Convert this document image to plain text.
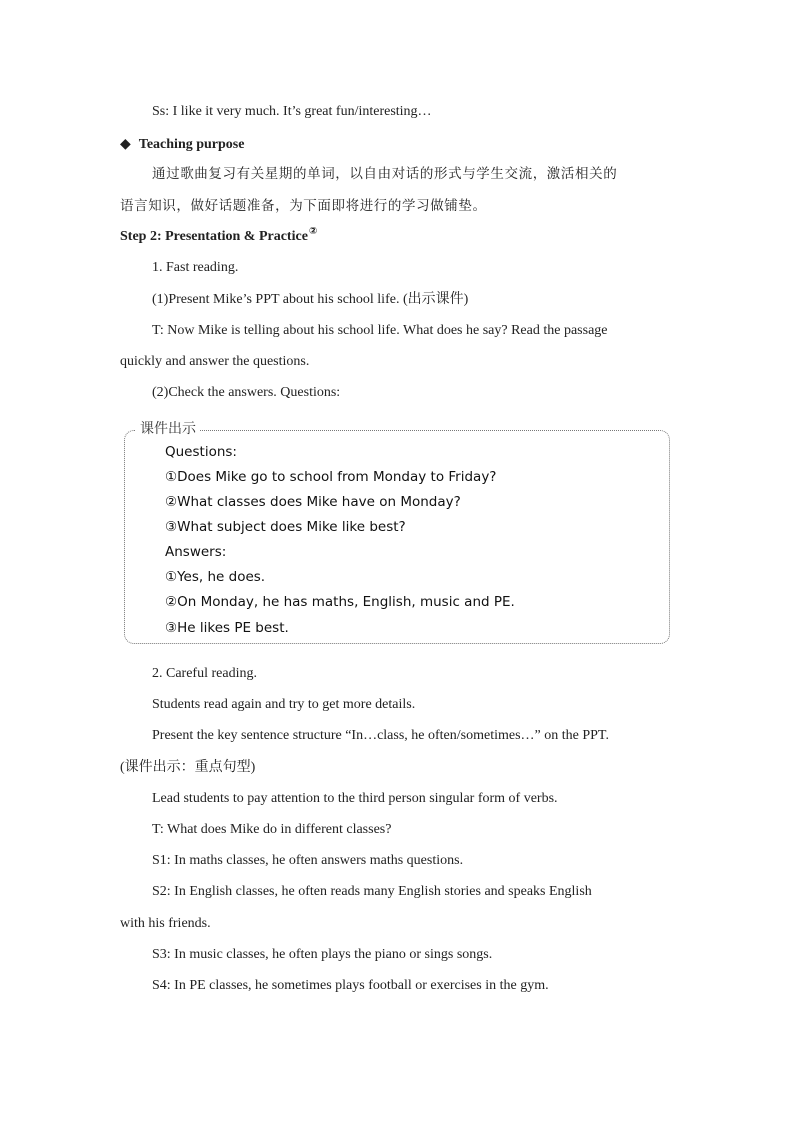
Ss: I like it very much. It’s great fun/interesting…
◆ Teaching purpose
通过歌曲复习有关星期的单词，以自由对话的形式与学生交流，激活相关的
语言知识，做好话题准备，为下面即将进行的学习做铺垫。
Step 2: Presentation & Practice②
1. Fast reading.
(1)Present Mike’s PPT about his school life. (出示课件)
T: Now Mike is telling about his school life. What does he say? Read the passage
quickly and answer the questions.
(2)Check the answers. Questions:
课件出示
Questions:
①Does Mike go to school from Monday to Friday?
②What classes does Mike have on Monday?
③What subject does Mike like best?
Answers:
①Yes, he does.
②On Monday, he has maths, English, music and PE.
③He likes PE best.
2. Careful reading.
Students read again and try to get more details.
Present the key sentence structure “In…class, he often/sometimes…” on the PPT.
(课件出示：重点句型)
Lead students to pay attention to the third person singular form of verbs.
T: What does Mike do in different classes?
S1: In maths classes, he often answers maths questions.
S2: In English classes, he often reads many English stories and speaks English
with his friends.
S3: In music classes, he often plays the piano or sings songs.
S4: In PE classes, he sometimes plays football or exercises in the gym.
